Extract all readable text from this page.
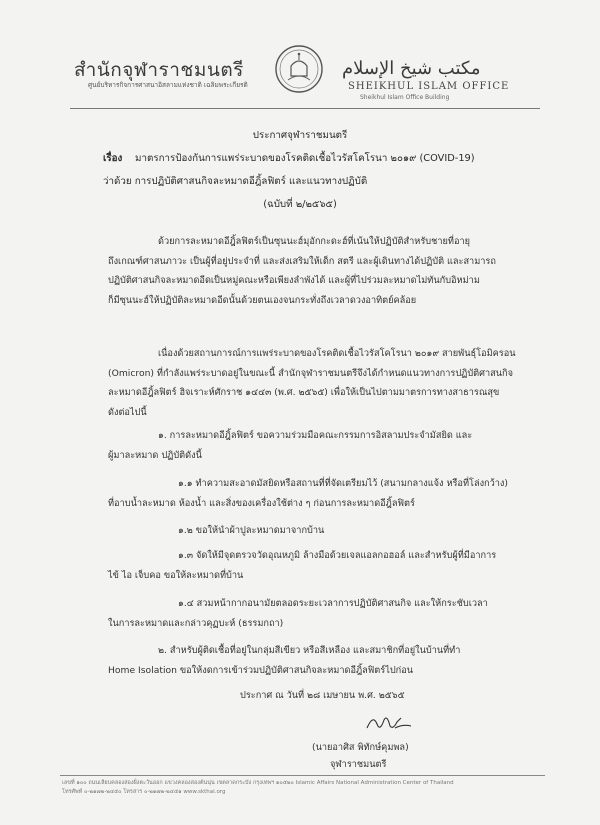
สำนักจุฬาราชมนตรี
ศูนย์บริหารกิจการศาสนาอิสลามแห่งชาติ เฉลิมพระเกียรติ
مكتب شيخ الإسلام
SHEIKHUL ISLAM OFFICE
Sheikhul Islam Office Building
ประกาศจุฬาราชมนตรี
เรื่อง มาตรการป้องกันการแพร่ระบาดของโรคติดเชื้อไวรัสโคโรนา ๒๐๑๙ (COVID-19)
ว่าด้วย การปฏิบัติศาสนกิจละหมาดอีฎิ้ลฟิตร์ และแนวทางปฏิบัติ
(ฉบับที่ ๒/๒๕๖๕)
ด้วยการละหมาดอีฎิ้ลฟิตร์เป็นซุนนะฮ์มุอักกะดะฮ์ที่เน้นให้ปฏิบัติสำหรับชายที่อายุ
ถึงเกณฑ์ศาสนภาวะ เป็นผู้ที่อยู่ประจำที่ และส่งเสริมให้เด็ก สตรี และผู้เดินทางได้ปฏิบัติ และสามารถ
ปฏิบัติศาสนกิจละหมาดอีดเป็นหมู่คณะหรือเพียงลำพังได้ และผู้ที่ไปร่วมละหมาดไม่ทันกับอิหม่าม
ก็มีซุนนะฮ์ให้ปฏิบัติละหมาดอีดนั้นด้วยตนเองจนกระทั่งถึงเวลาดวงอาทิตย์คล้อย
เนื่องด้วยสถานการณ์การแพร่ระบาดของโรคติดเชื้อไวรัสโคโรนา ๒๐๑๙ สายพันธุ์โอมิครอน
(Omicron) ที่กำลังแพร่ระบาดอยู่ในขณะนี้ สำนักจุฬาราชมนตรีจึงได้กำหนดแนวทางการปฏิบัติศาสนกิจ
ละหมาดอีฎิ้ลฟิตร์ ฮิจเราะห์ศักราช ๑๔๔๓ (พ.ศ. ๒๕๖๕) เพื่อให้เป็นไปตามมาตรการทางสาธารณสุข
ดังต่อไปนี้
๑. การละหมาดอีฎิ้ลฟิตร์ ขอความร่วมมือคณะกรรมการอิสลามประจำมัสยิด และ
ผู้มาละหมาด ปฏิบัติดังนี้
๑.๑ ทำความสะอาดมัสยิดหรือสถานที่ที่จัดเตรียมไว้ (สนามกลางแจ้ง หรือที่โล่งกว้าง)
ที่อาบน้ำละหมาด ห้องน้ำ และสิ่งของเครื่องใช้ต่าง ๆ ก่อนการละหมาดอีฎิ้ลฟิตร์
๑.๒ ขอให้นำผ้าปูละหมาดมาจากบ้าน
๑.๓ จัดให้มีจุดตรวจวัดอุณหภูมิ ล้างมือด้วยเจลแอลกอฮอล์ และสำหรับผู้ที่มีอาการ
ไข้ ไอ เจ็บคอ ขอให้ละหมาดที่บ้าน
๑.๔ สวมหน้ากากอนามัยตลอดระยะเวลาการปฏิบัติศาสนกิจ และให้กระชับเวลา
ในการละหมาดและกล่าวคุฏบะห์ (ธรรมกถา)
๒. สำหรับผู้ติดเชื้อที่อยู่ในกลุ่มสีเขียว หรือสีเหลือง และสมาชิกที่อยู่ในบ้านที่ทำ
Home Isolation ขอให้งดการเข้าร่วมปฏิบัติศาสนกิจละหมาดอีฎิ้ลฟิตร์ไปก่อน
ประกาศ ณ วันที่ ๒๘ เมษายน พ.ศ. ๒๕๖๕
(นายอาศิส พิทักษ์คุมพล)
จุฬาราชมนตรี
เลขที่ ๑๐๐ ถนนเลียบคลองสองฝั่งตะวันออก แขวงคลองสองต้นนุ่น เขตลาดกระบัง กรุงเทพฯ ๑๐๕๒๐ Islamic Affairs National Administration Center of Thailand
โทรศัพท์ ๐-๒๑๗๒-๒๔๕๐ โทรสาร ๐-๒๑๗๒-๒๔๕๑ www.skthai.org
